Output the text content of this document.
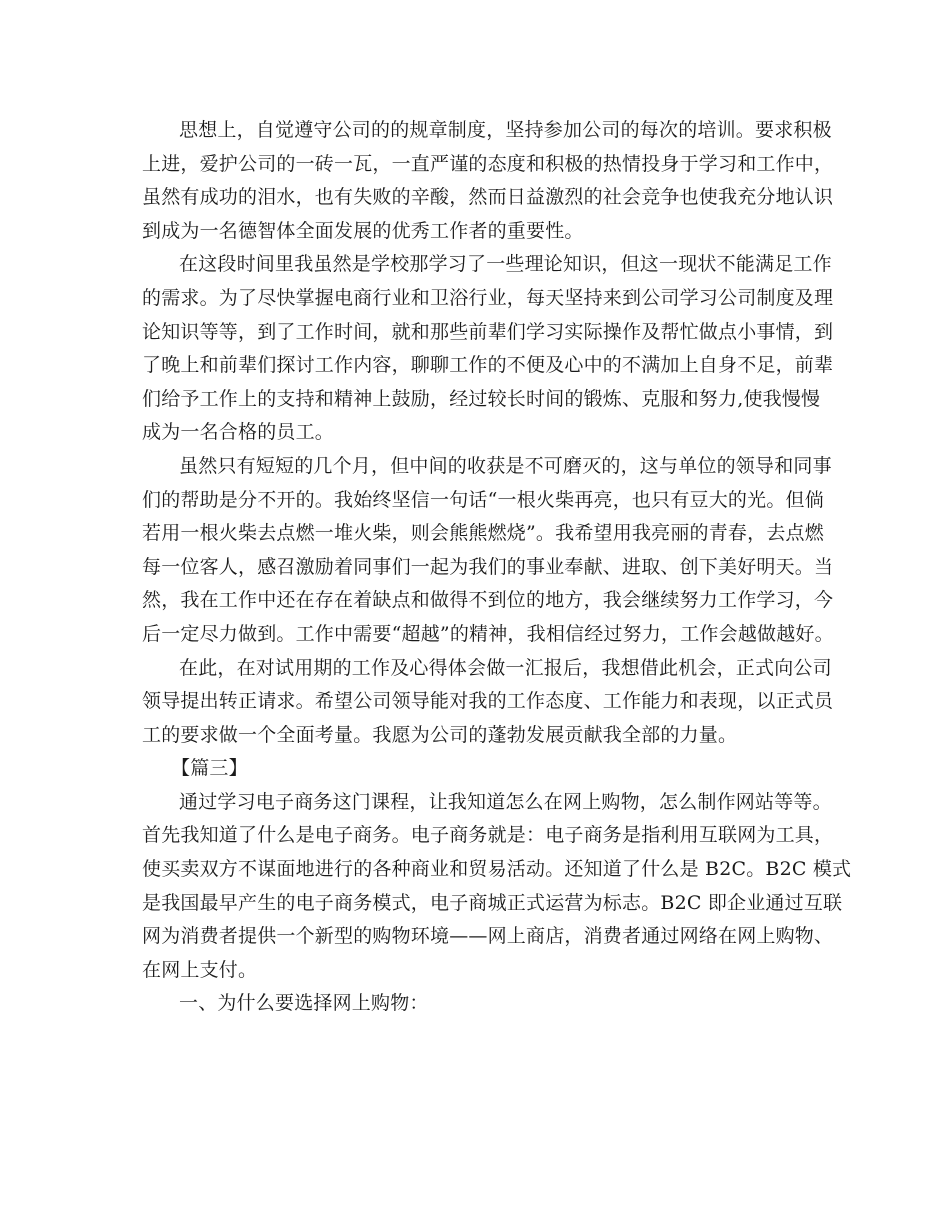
思想上，自觉遵守公司的的规章制度，坚持参加公司的每次的培训。要求积极
上进，爱护公司的一砖一瓦，一直严谨的态度和积极的热情投身于学习和工作中，
虽然有成功的泪水，也有失败的辛酸，然而日益激烈的社会竞争也使我充分地认识
到成为一名德智体全面发展的优秀工作者的重要性。
在这段时间里我虽然是学校那学习了一些理论知识，但这一现状不能满足工作
的需求。为了尽快掌握电商行业和卫浴行业，每天坚持来到公司学习公司制度及理
论知识等等，到了工作时间，就和那些前辈们学习实际操作及帮忙做点小事情，到
了晚上和前辈们探讨工作内容，聊聊工作的不便及心中的不满加上自身不足，前辈
们给予工作上的支持和精神上鼓励，经过较长时间的锻炼、克服和努力,使我慢慢
成为一名合格的员工。
虽然只有短短的几个月，但中间的收获是不可磨灭的，这与单位的领导和同事
们的帮助是分不开的。我始终坚信一句话“一根火柴再亮，也只有豆大的光。但倘
若用一根火柴去点燃一堆火柴，则会熊熊燃烧”。我希望用我亮丽的青春，去点燃
每一位客人，感召激励着同事们一起为我们的事业奉献、进取、创下美好明天。当
然，我在工作中还在存在着缺点和做得不到位的地方，我会继续努力工作学习，今
后一定尽力做到。工作中需要“超越”的精神，我相信经过努力，工作会越做越好。
在此，在对试用期的工作及心得体会做一汇报后，我想借此机会，正式向公司
领导提出转正请求。希望公司领导能对我的工作态度、工作能力和表现，以正式员
工的要求做一个全面考量。我愿为公司的蓬勃发展贡献我全部的力量。
【篇三】
通过学习电子商务这门课程，让我知道怎么在网上购物，怎么制作网站等等。
首先我知道了什么是电子商务。电子商务就是：电子商务是指利用互联网为工具，
使买卖双方不谋面地进行的各种商业和贸易活动。还知道了什么是 B2C。B2C 模式
是我国最早产生的电子商务模式，电子商城正式运营为标志。B2C 即企业通过互联
网为消费者提供一个新型的购物环境——网上商店，消费者通过网络在网上购物、
在网上支付。
一、为什么要选择网上购物：
